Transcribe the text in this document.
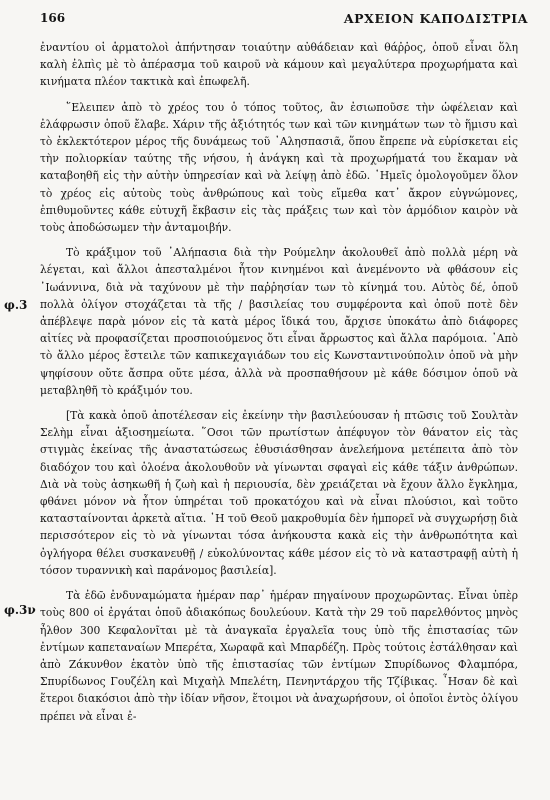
166	ΑΡΧΕΙΟΝ ΚΑΠΟΔΙΣΤΡΙΑ
φ.3
φ.3ν

ἐναντίου οἱ ἁρματολοὶ ἀπήντησαν τοιαύτην αὐθάδειαν καὶ θάῤῥος, ὁποῦ εἶναι ὅλη καλὴ ἐλπὶς μὲ τὸ ἀπέρασμα τοῦ καιροῦ νὰ κάμουν καὶ μεγαλύτερα προχωρήματα καὶ κινήματα πλέον τακτικὰ καὶ ἐπωφελῆ.

῞Ελειπεν ἀπὸ τὸ χρέος του ὁ τόπος τοῦτος, ἂν ἐσιωποῦσε τὴν ὠφέλειαν καὶ ἐλάφρωσιν ὁποῦ ἔλαβε. Χάριν τῆς ἀξιότητός των καὶ τῶν κινημάτων των τὸ ἥμισυ καὶ τὸ ἐκλεκτότερον μέρος τῆς δυνάμεως τοῦ ᾿Αλησπασιᾶ, ὅπου ἔπρεπε νὰ εὑρίσκεται εἰς τὴν πολιορκίαν ταύτης τῆς νήσου, ἡ ἀνάγκη καὶ τὰ προχωρήματά του ἔκαμαν νὰ καταβοηθῆ εἰς τὴν αὐτὴν ὑπηρεσίαν καὶ νὰ λείψῃ ἀπὸ ἐδῶ. ῾Ημεῖς ὁμολογοῦμεν ὅλον τὸ χρέος εἰς αὐτοὺς τοὺς ἀνθρώπους καὶ τοὺς εἴμεθα κατ᾿ ἄκρον εὐγνώμονες, ἐπιθυμοῦντες κάθε εὐτυχῆ ἔκβασιν εἰς τὰς πράξεις των καὶ τὸν ἁρμόδιον καιρὸν νὰ τοὺς ἀποδώσωμεν τὴν ἀνταμοιβήν.

Τὸ κράξιμον τοῦ ᾿Αλήπασια διὰ τὴν Ρούμελην ἀκολουθεῖ ἀπὸ πολλὰ μέρη νὰ λέγεται, καὶ ἄλλοι ἀπεσταλμένοι ἦτον κινημένοι καὶ ἀνεμένοντο νὰ φθάσουν εἰς ᾿Ιωάννινα, διὰ νὰ ταχύνουν μὲ τὴν παῤῥησίαν των τὸ κίνημά του. Αὐτὸς δέ, ὁποῦ πολλὰ ὀλίγον στοχάζεται τὰ τῆς / βασιλείας του συμφέροντα καὶ ὁποῦ ποτὲ δὲν ἀπέβλεψε παρὰ μόνον εἰς τὰ κατὰ μέρος ἴδικά του, ἄρχισε ὑποκάτω ἀπὸ διάφορες αἰτίες νὰ προφασίζεται προσποιούμενος ὅτι εἶναι ἄρρωστος καὶ ἄλλα παρόμοια. ᾿Απὸ τὸ ἄλλο μέρος ἔστειλε τῶν καπικεχαγιάδων του εἰς Κωνσταντινούπολιν ὁποῦ νὰ μὴν ψηφίσουν οὔτε ἄσπρα οὔτε μέσα, ἀλλὰ νὰ προσπαθήσουν μὲ κάθε δόσιμον ὁποῦ νὰ μεταβληθῆ τὸ κράξιμόν του.

[Τὰ κακὰ ὁποῦ ἀποτέλεσαν εἰς ἐκείνην τὴν βασιλεύουσαν ἡ πτῶσις τοῦ Σουλτὰν Σελὴμ εἶναι ἀξιοσημείωτα. ῞Οσοι τῶν πρωτίστων ἀπέφυγον τὸν θάνατον εἰς τὰς στιγμὰς ἐκείνας τῆς ἀναστατώσεως ἐθυσιάσθησαν ἀνελεήμονα μετέπειτα ἀπὸ τὸν διαδόχον του καὶ ὁλοένα ἀκολουθοῦν νὰ γίνωνται σφαγαὶ εἰς κάθε τάξιν ἀνθρώπων. Διὰ νὰ τοὺς ἀσηκωθῆ ἡ ζωὴ καὶ ἡ περιουσία, δὲν χρειάζεται νὰ ἔχουν ἄλλο ἔγκλημα, φθάνει μόνον νὰ ἦτον ὑπηρέται τοῦ προκατόχου καὶ νὰ εἶναι πλούσιοι, καὶ τοῦτο κατασταίνονται ἀρκετὰ αἴτια. ῾Η τοῦ Θεοῦ μακροθυμία δὲν ἠμπορεῖ νὰ συγχωρήσῃ διὰ περισσότερον εἰς τὸ νὰ γίνωνται τόσα ἀνήκουστα κακὰ εἰς τὴν ἀνθρωπότητα καὶ ὀγλήγορα θέλει συσκανευθῇ / εὐκολύνοντας κάθε μέσον εἰς τὸ νὰ καταστραφῇ αὐτὴ ἡ τόσον τυραννικὴ καὶ παράνομος βασιλεία].

Τὰ ἐδῶ ἐνδυναμώματα ἡμέραν παρ᾿ ἡμέραν πηγαίνουν προχωρῶντας. Εἶναι ὑπὲρ τοὺς 800 οἱ ἐργάται ὁποῦ ἀδιακόπως δουλεύουν. Κατὰ τὴν 29 τοῦ παρελθόντος μηνὸς ἦλθον 300 Κεφαλονῖται μὲ τὰ ἀναγκαῖα ἐργαλεῖα τους ὑπὸ τῆς ἐπιστασίας τῶν ἐντίμων καπεταναίων Μπερέτα, Χωραφᾶ καὶ Μπαρδέζη. Πρὸς τούτοις ἐστάλθησαν καὶ ἀπὸ Ζάκυνθον ἑκατὸν ὑπὸ τῆς ἐπιστασίας τῶν ἐντίμων Σπυρίδωνος Φλαμπόρα, Σπυρίδωνος Γουζέλη καὶ Μιχαὴλ Μπελέτη, Πενηντάρχου τῆς Τζίβικας. ῏Ησαν δὲ καὶ ἕτεροι διακόσιοι ἀπὸ τὴν ἰδίαν νῆσον, ἕτοιμοι νὰ ἀναχωρήσουν, οἱ ὁποῖοι ἐντὸς ὀλίγου πρέπει νὰ εἶναι ἐ-
